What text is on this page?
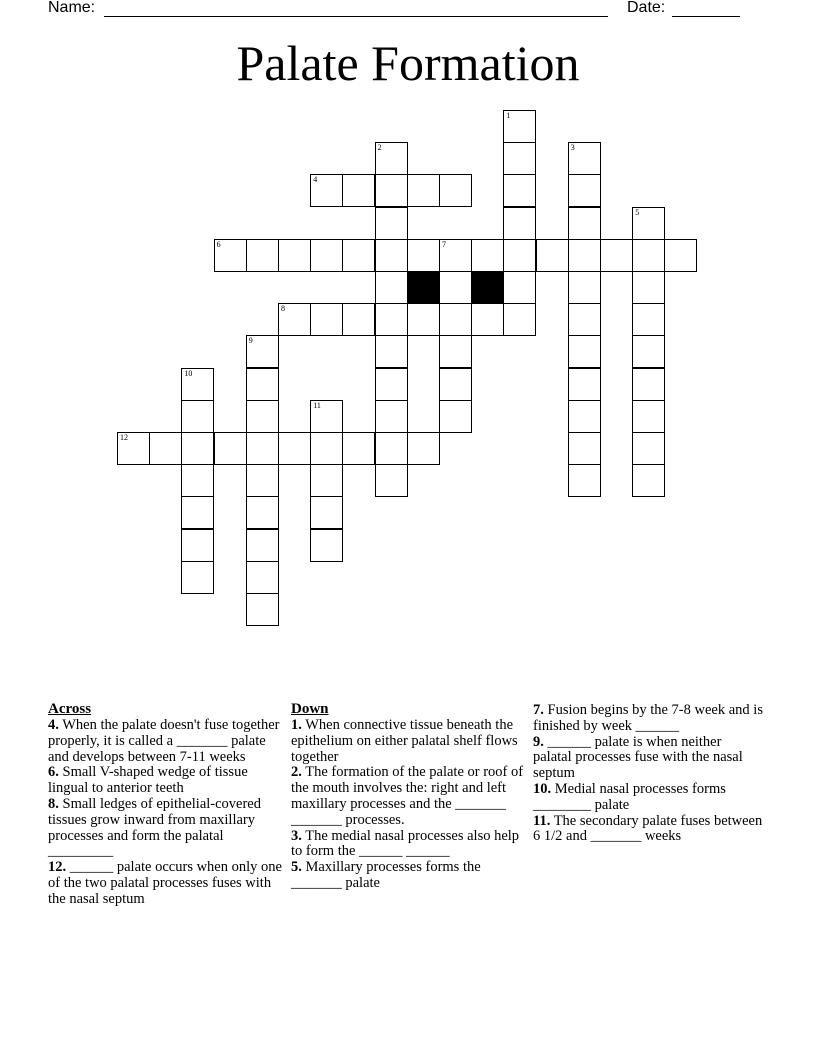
Name:	Date:
Palate Formation
1
2	3
4
5
6	7
8
9
10
11
12
Across

4. When the palate doesn't fuse together properly, it is called a _______ palate and develops between 7-11 weeks

6. Small V-shaped wedge of tissue lingual to anterior teeth

8. Small ledges of epithelial-covered tissues grow inward from maxillary processes and form the palatal _________

12. ______ palate occurs when only one of the two palatal processes fuses with the nasal septum

Down

1. When connective tissue beneath the epithelium on either palatal shelf flows together

2. The formation of the palate or roof of the mouth involves the: right and left maxillary processes and the _______ _______ processes.

3. The medial nasal processes also help to form the ______ ______

5. Maxillary processes forms the _______ palate

7. Fusion begins by the 7-8 week and is finished by week ______

9. ______ palate is when neither palatal processes fuse with the nasal septum

10. Medial nasal processes forms ________ palate

11. The secondary palate fuses between 6 1/2 and _______ weeks
